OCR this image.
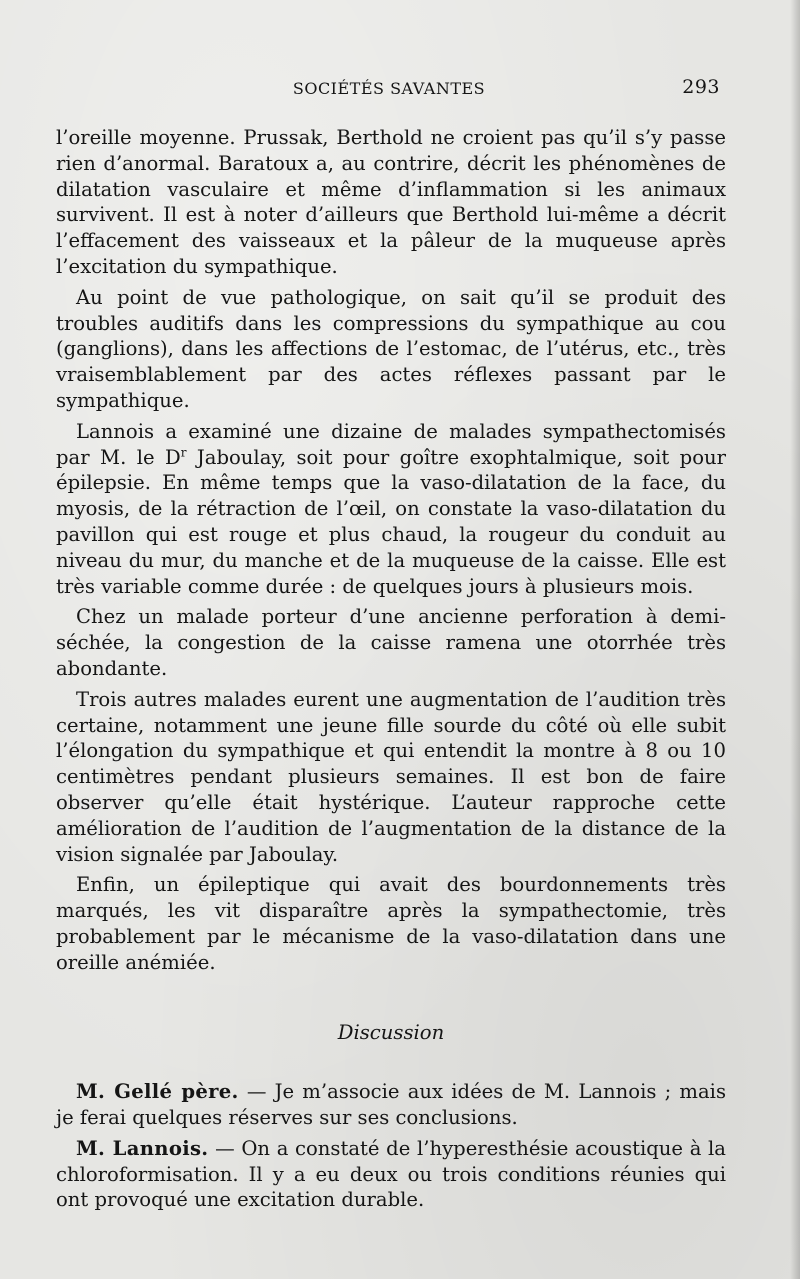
SOCIÉTÉS SAVANTES	293

l’oreille moyenne. Prussak, Berthold ne croient pas qu’il s’y passe rien d’anormal. Baratoux a, au contrire, décrit les phénomènes de dilatation vasculaire et même d’inflammation si les animaux survivent. Il est à noter d’ailleurs que Berthold lui-même a décrit l’effacement des vaisseaux et la pâleur de la muqueuse après l’excitation du sympathique.

Au point de vue pathologique, on sait qu’il se produit des troubles auditifs dans les compressions du sympathique au cou (ganglions), dans les affections de l’estomac, de l’utérus, etc., très vraisemblablement par des actes réflexes passant par le sympathique.

Lannois a examiné une dizaine de malades sympathectomisés par M. le $D^r$ Jaboulay, soit pour goître exophtalmique, soit pour épilepsie. En même temps que la vaso-dilatation de la face, du myosis, de la rétraction de l’œil, on constate la vaso-dilatation du pavillon qui est rouge et plus chaud, la rougeur du conduit au niveau du mur, du manche et de la muqueuse de la caisse. Elle est très variable comme durée : de quelques jours à plusieurs mois.

Chez un malade porteur d’une ancienne perforation à demi-séchée, la congestion de la caisse ramena une otorrhée très abondante.

Trois autres malades eurent une augmentation de l’audition très certaine, notamment une jeune fille sourde du côté où elle subit l’élongation du sympathique et qui entendit la montre à 8 ou 10 centimètres pendant plusieurs semaines. Il est bon de faire observer qu’elle était hystérique. L’auteur rapproche cette amélioration de l’audition de l’augmentation de la distance de la vision signalée par Jaboulay.

Enfin, un épileptique qui avait des bourdonnements très marqués, les vit disparaître après la sympathectomie, très probablement par le mécanisme de la vaso-dilatation dans une oreille anémiée.

Discussion

M. Gellé père. — Je m’associe aux idées de M. Lannois ; mais je ferai quelques réserves sur ses conclusions.

M. Lannois. — On a constaté de l’hyperesthésie acoustique à la chloroformisation. Il y a eu deux ou trois conditions réunies qui ont provoqué une excitation durable.
